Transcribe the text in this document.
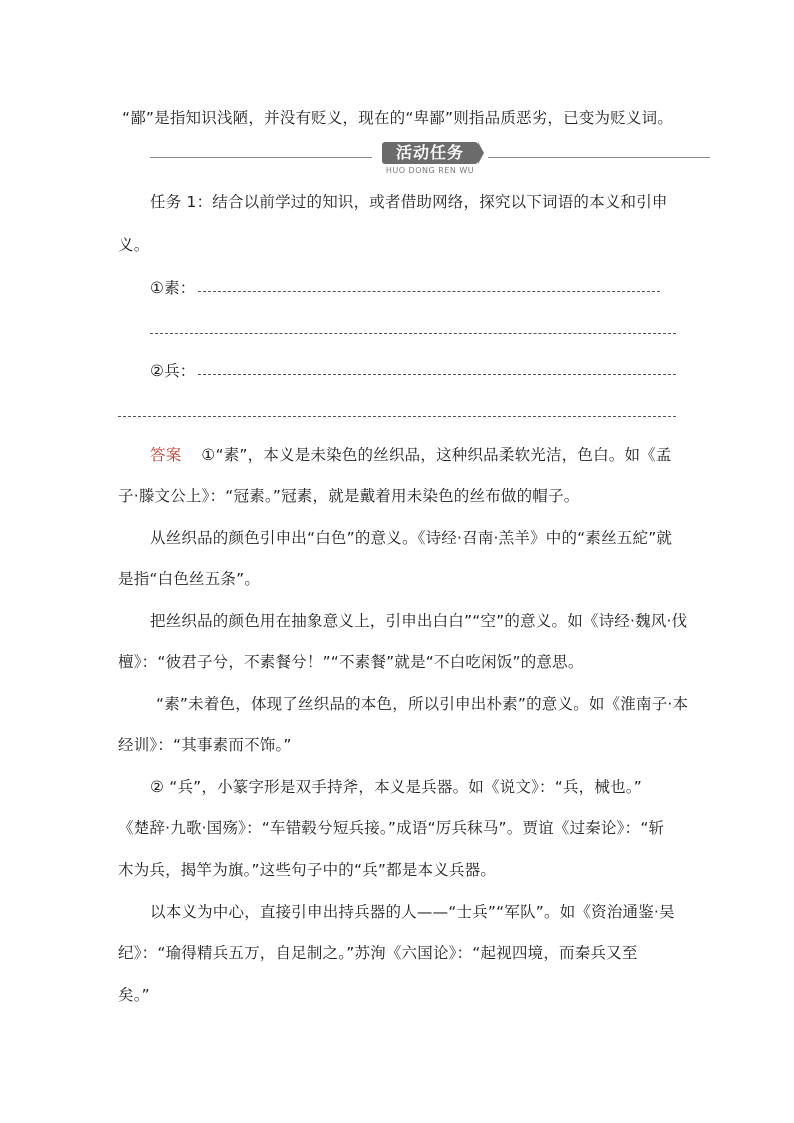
“鄙”是指知识浅陋，并没有贬义，现在的“卑鄙”则指品质恶劣，已变为贬义词。
活动任务
HUO DONG REN WU
任务 1：结合以前学过的知识，或者借助网络，探究以下词语的本义和引申
义。
①素：
②兵：
答案 ①“素”，本义是未染色的丝织品，这种织品柔软光洁，色白。如《孟
子·滕文公上》：“冠素。”冠素，就是戴着用未染色的丝布做的帽子。
从丝织品的颜色引申出“白色”的意义。《诗经·召南·羔羊》中的“素丝五紽”就
是指“白色丝五条”。
把丝织品的颜色用在抽象意义上，引申出白白”“空”的意义。如《诗经·魏风·伐
檀》：“彼君子兮，不素餐兮！”“不素餐”就是“不白吃闲饭”的意思。
“素”未着色，体现了丝织品的本色，所以引申出朴素”的意义。如《淮南子·本
经训》：“其事素而不饰。”
② “兵”，小篆字形是双手持斧，本义是兵器。如《说文》：“兵，械也。”
《楚辞·九歌·国殇》：“车错毂兮短兵接。”成语“厉兵秣马”。贾谊《过秦论》：“斩
木为兵，揭竿为旗。”这些句子中的“兵”都是本义兵器。
以本义为中心，直接引申出持兵器的人——“士兵”“军队”。如《资治通鉴·吴
纪》：“瑜得精兵五万，自足制之。”苏洵《六国论》：“起视四境，而秦兵又至
矣。”
